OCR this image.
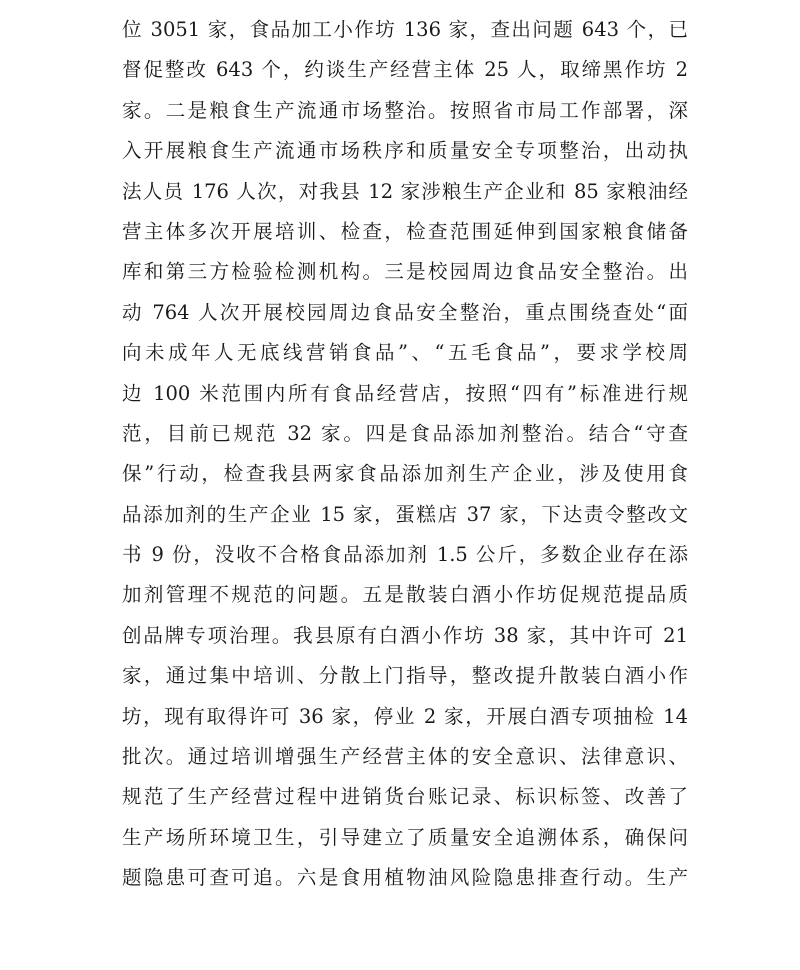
位 3051 家，食品加工小作坊 136 家，查出问题 643 个，已
督促整改 643 个，约谈生产经营主体 25 人，取缔黑作坊 2
家。二是粮食生产流通市场整治。按照省市局工作部署，深
入开展粮食生产流通市场秩序和质量安全专项整治，出动执
法人员 176 人次，对我县 12 家涉粮生产企业和 85 家粮油经
营主体多次开展培训、检查，检查范围延伸到国家粮食储备
库和第三方检验检测机构。三是校园周边食品安全整治。出
动 764 人次开展校园周边食品安全整治，重点围绕查处“面
向未成年人无底线营销食品”、“五毛食品”，要求学校周
边 100 米范围内所有食品经营店，按照“四有”标准进行规
范，目前已规范 32 家。四是食品添加剂整治。结合“守查
保”行动，检查我县两家食品添加剂生产企业，涉及使用食
品添加剂的生产企业 15 家，蛋糕店 37 家，下达责令整改文
书 9 份，没收不合格食品添加剂 1.5 公斤，多数企业存在添
加剂管理不规范的问题。五是散装白酒小作坊促规范提品质
创品牌专项治理。我县原有白酒小作坊 38 家，其中许可 21
家，通过集中培训、分散上门指导，整改提升散装白酒小作
坊，现有取得许可 36 家，停业 2 家，开展白酒专项抽检 14
批次。通过培训增强生产经营主体的安全意识、法律意识、
规范了生产经营过程中进销货台账记录、标识标签、改善了
生产场所环境卫生，引导建立了质量安全追溯体系，确保问
题隐患可查可追。六是食用植物油风险隐患排查行动。生产
